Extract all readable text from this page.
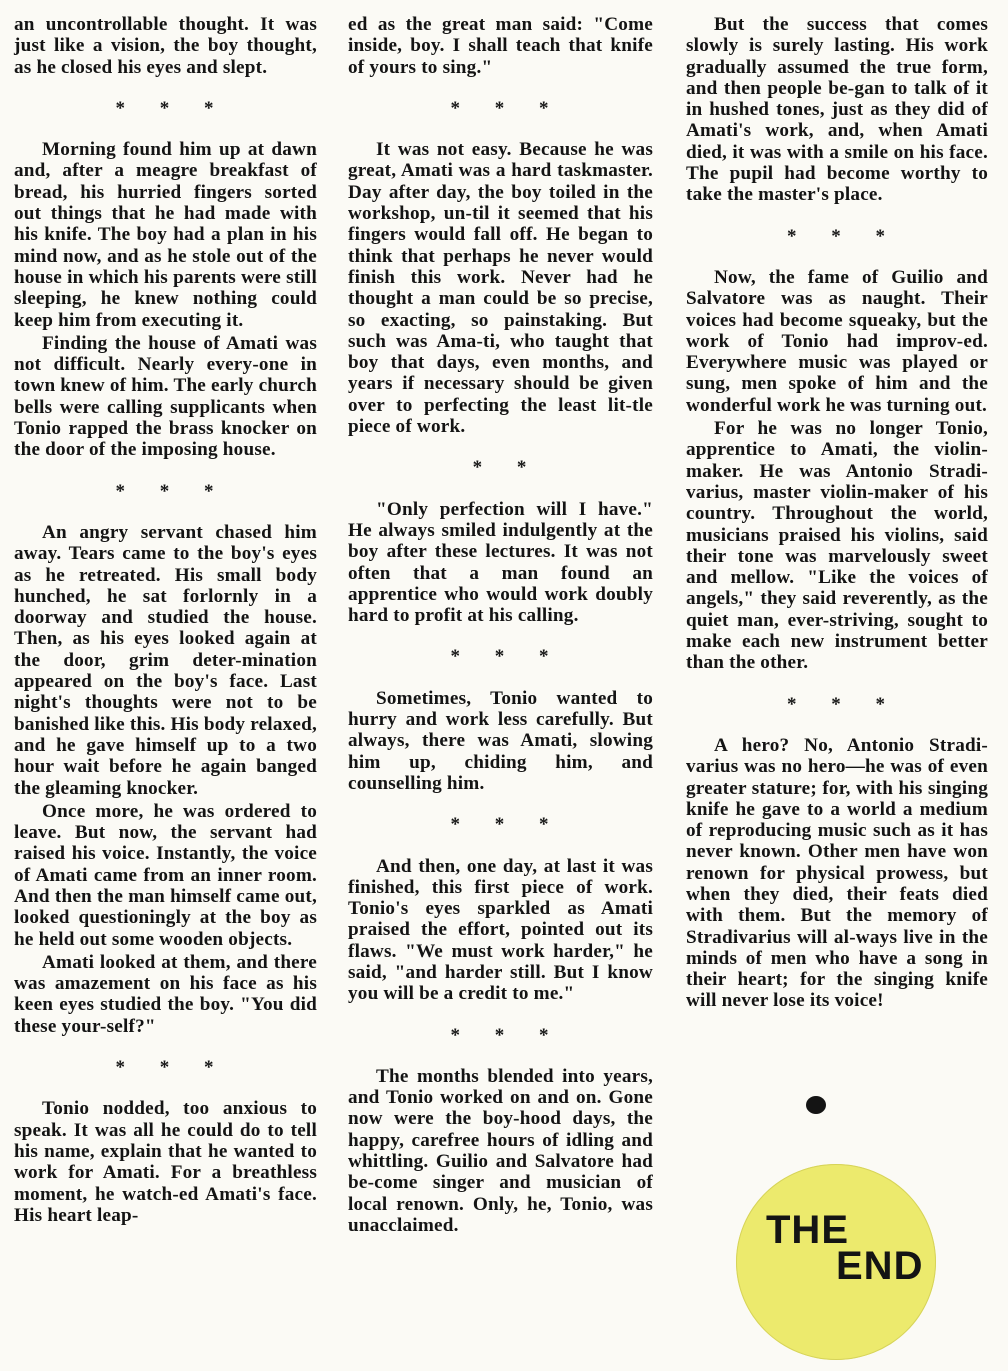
an uncontrollable thought. It was just like a vision, the boy thought, as he closed his eyes and slept.

* * *

Morning found him up at dawn and, after a meagre breakfast of bread, his hurried fingers sorted out things that he had made with his knife. The boy had a plan in his mind now, and as he stole out of the house in which his parents were still sleeping, he knew nothing could keep him from executing it.

Finding the house of Amati was not difficult. Nearly every-one in town knew of him. The early church bells were calling supplicants when Tonio rapped the brass knocker on the door of the imposing house.

* * *

An angry servant chased him away. Tears came to the boy's eyes as he retreated. His small body hunched, he sat forlornly in a doorway and studied the house. Then, as his eyes looked again at the door, grim deter-mination appeared on the boy's face. Last night's thoughts were not to be banished like this. His body relaxed, and he gave himself up to a two hour wait before he again banged the gleaming knocker.

Once more, he was ordered to leave. But now, the servant had raised his voice. Instantly, the voice of Amati came from an inner room. And then the man himself came out, looked questioningly at the boy as he held out some wooden objects.

Amati looked at them, and there was amazement on his face as his keen eyes studied the boy. "You did these your-self?"

* * *

Tonio nodded, too anxious to speak. It was all he could do to tell his name, explain that he wanted to work for Amati. For a breathless moment, he watch-ed Amati's face. His heart leap-

ed as the great man said: "Come inside, boy. I shall teach that knife of yours to sing."

* * *

It was not easy. Because he was great, Amati was a hard taskmaster. Day after day, the boy toiled in the workshop, un-til it seemed that his fingers would fall off. He began to think that perhaps he never would finish this work. Never had he thought a man could be so precise, so exacting, so painstaking. But such was Ama-ti, who taught that boy that days, even months, and years if necessary should be given over to perfecting the least lit-tle piece of work.

* *

"Only perfection will I have." He always smiled indulgently at the boy after these lectures. It was not often that a man found an apprentice who would work doubly hard to profit at his calling.

* * *

Sometimes, Tonio wanted to hurry and work less carefully. But always, there was Amati, slowing him up, chiding him, and counselling him.

* * *

And then, one day, at last it was finished, this first piece of work. Tonio's eyes sparkled as Amati praised the effort, pointed out its flaws. "We must work harder," he said, "and harder still. But I know you will be a credit to me."

* * *

The months blended into years, and Tonio worked on and on. Gone now were the boy-hood days, the happy, carefree hours of idling and whittling. Guilio and Salvatore had be-come singer and musician of local renown. Only, he, Tonio, was unacclaimed.

But the success that comes slowly is surely lasting. His work gradually assumed the true form, and then people be-gan to talk of it in hushed tones, just as they did of Amati's work, and, when Amati died, it was with a smile on his face. The pupil had become worthy to take the master's place.

* * *

Now, the fame of Guilio and Salvatore was as naught. Their voices had become squeaky, but the work of Tonio had improv-ed. Everywhere music was played or sung, men spoke of him and the wonderful work he was turning out.

For he was no longer Tonio, apprentice to Amati, the violin-maker. He was Antonio Stradi-varius, master violin-maker of his country. Throughout the world, musicians praised his violins, said their tone was marvelously sweet and mellow. "Like the voices of angels," they said reverently, as the quiet man, ever-striving, sought to make each new instrument better than the other.

* * *

A hero? No, Antonio Stradi-varius was no hero—he was of even greater stature; for, with his singing knife he gave to a world a medium of reproducing music such as it has never known. Other men have won renown for physical prowess, but when they died, their feats died with them. But the memory of Stradivarius will al-ways live in the minds of men who have a song in their heart; for the singing knife will never lose its voice!

THE
END
